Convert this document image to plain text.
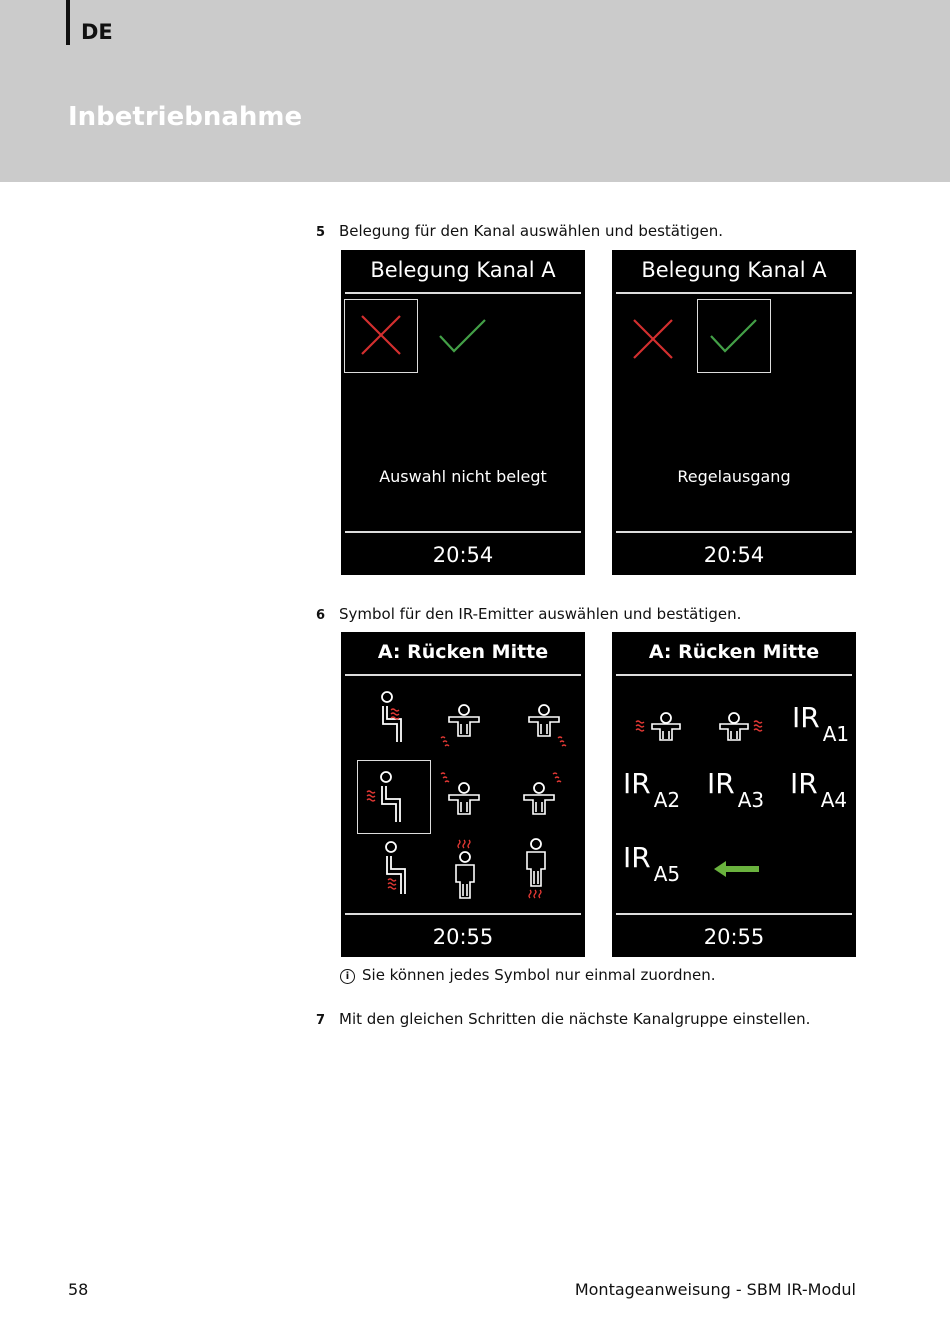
DE
Inbetriebnahme
5 Belegung für den Kanal auswählen und bestätigen.
Belegung Kanal A
Auswahl nicht belegt
20:54
Belegung Kanal A
Regelausgang
20:54
6 Symbol für den IR-Emitter auswählen und bestätigen.
A: Rücken Mitte
20:55
A: Rücken Mitte
IR $_{A1}$
IR $_{A2}$ IR $_{A3}$ IR $_{A4}$
IR $_{A5}$
20:55
i Sie können jedes Symbol nur einmal zuordnen.
7 Mit den gleichen Schritten die nächste Kanalgruppe einstellen.
58	Montageanweisung - SBM IR-Modul
